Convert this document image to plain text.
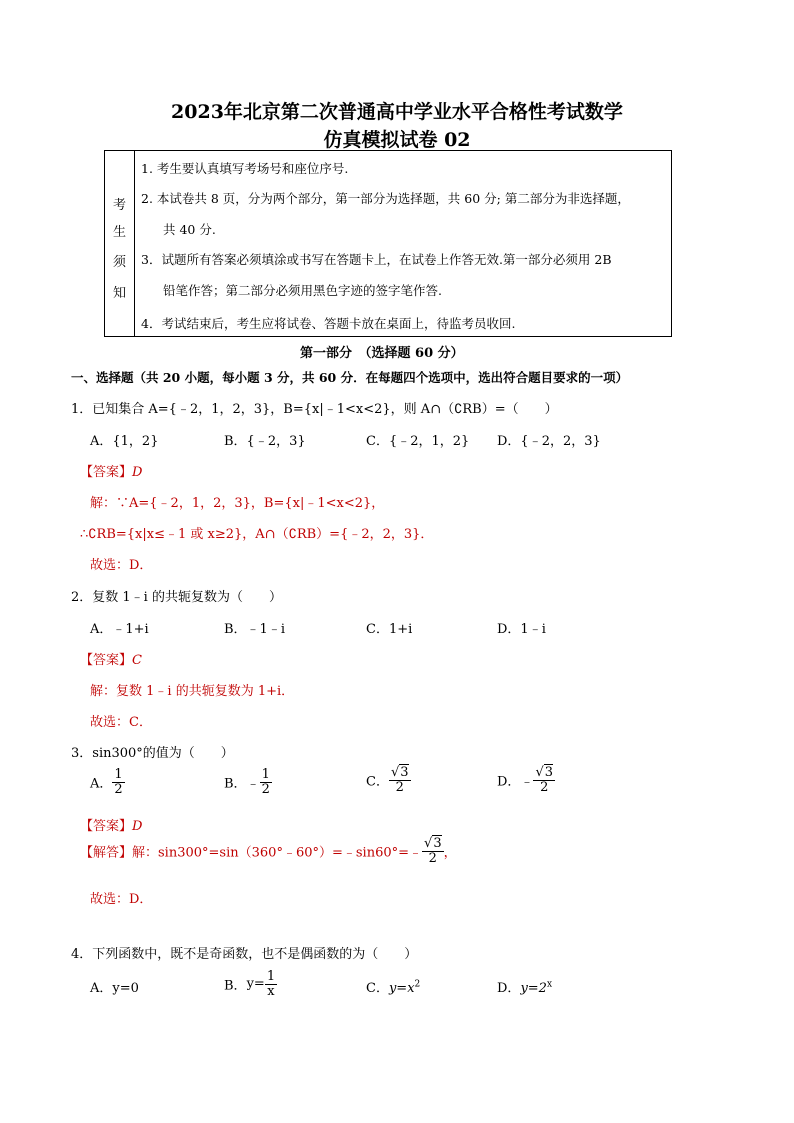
2023年北京第二次普通高中学业水平合格性考试数学
仿真模拟试卷 02
考
生
须
知
1. 考生要认真填写考场号和座位序号.
2. 本试卷共 8 页，分为两个部分，第一部分为选择题，共 60 分; 第二部分为非选择题，
共 40 分.
3．试题所有答案必须填涂或书写在答题卡上，在试卷上作答无效.第一部分必须用 2B
铅笔作答；第二部分必须用黑色字迹的签字笔作答.
4．考试结束后，考生应将试卷、答题卡放在桌面上，待监考员收回.
第一部分　（选择题 60 分）
一、选择题（共 20 小题，每小题 3 分，共 60 分．在每题四个选项中，选出符合题目要求的一项）
1．已知集合 A={﹣2，1，2，3}，B={x|﹣1<x<2}，则 A∩（∁RB）=（　　）
A．{1，2}	B．{﹣2，3}	C．{﹣2，1，2} D．{﹣2，2，3}
【答案】D
解：∵A={﹣2，1，2，3}，B={x|﹣1<x<2}，
∴∁RB={x|x≤﹣1 或 x≥2}，A∩（∁RB）={﹣2，2，3}．
故选：D．
2．复数 1﹣i 的共轭复数为（　　）
A．﹣1+i	B．﹣1﹣i	C．1+i	D．1﹣i
【答案】C
解：复数 1﹣i 的共轭复数为 1+i．
故选：C．
3．sin300°的值为（　　）
A． $\frac{1}{2}$	B．﹣ $\frac{1}{2}$	C． $\frac{√3}{2}$	D．﹣ $\frac{√3}{2}$
【答案】D
【解答】解：sin300°=sin（360°﹣60°）=﹣sin60°=﹣ $\frac{√3}{2}$ ，
故选：D．
4．下列函数中，既不是奇函数，也不是偶函数的为（　　）
A．y=0	B．$y= \frac{1}{x}$	C．$y=x^2$	D．$y=2^x$
